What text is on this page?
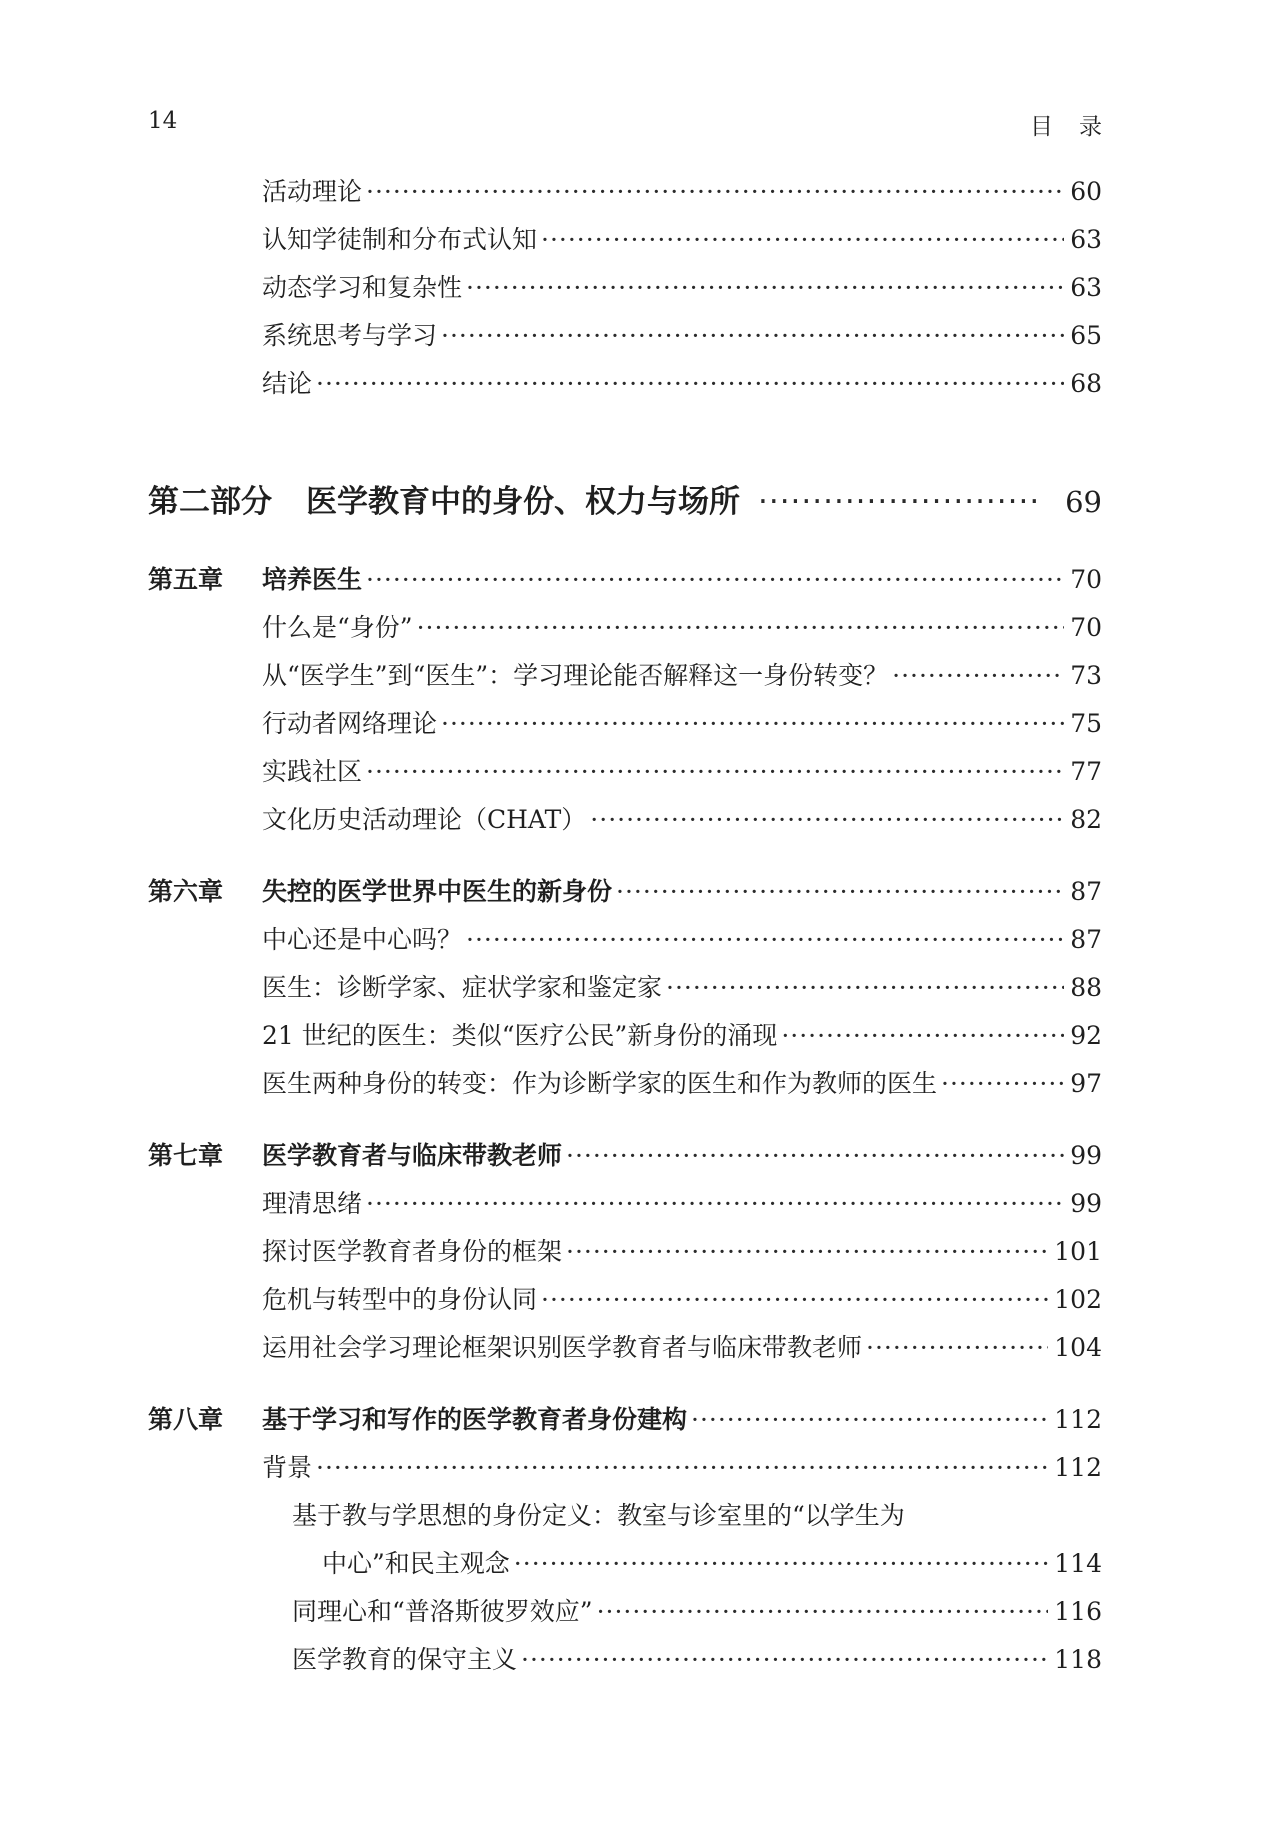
14	目录
活动理论 ·····	60
认知学徒制和分布式认知 ·····	63
动态学习和复杂性 ·····	63
系统思考与学习 ·····	65
结论 ·····	68
第二部分 医学教育中的身份、权力与场所 ·····	69
第五章 培养医生 ·····	70
什么是“身份” ·····	70
从“医学生”到“医生”：学习理论能否解释这一身份转变？ ·····	73
行动者网络理论 ·····	75
实践社区 ·····	77
文化历史活动理论（CHAT） ·····	82
第六章 失控的医学世界中医生的新身份 ·····	87
中心还是中心吗？ ·····	87
医生：诊断学家、症状学家和鉴定家 ·····	88
21 世纪的医生：类似“医疗公民”新身份的涌现 ·····	92
医生两种身份的转变：作为诊断学家的医生和作为教师的医生 ·····	97
第七章 医学教育者与临床带教老师 ·····	99
理清思绪 ·····	99
探讨医学教育者身份的框架 ·····	101
危机与转型中的身份认同 ·····	102
运用社会学习理论框架识别医学教育者与临床带教老师 ·····	104
第八章 基于学习和写作的医学教育者身份建构 ·····	112
背景 ·····	112
基于教与学思想的身份定义：教室与诊室里的“以学生为
中心”和民主观念 ·····	114
同理心和“普洛斯彼罗效应” ·····	116
医学教育的保守主义 ·····	118
